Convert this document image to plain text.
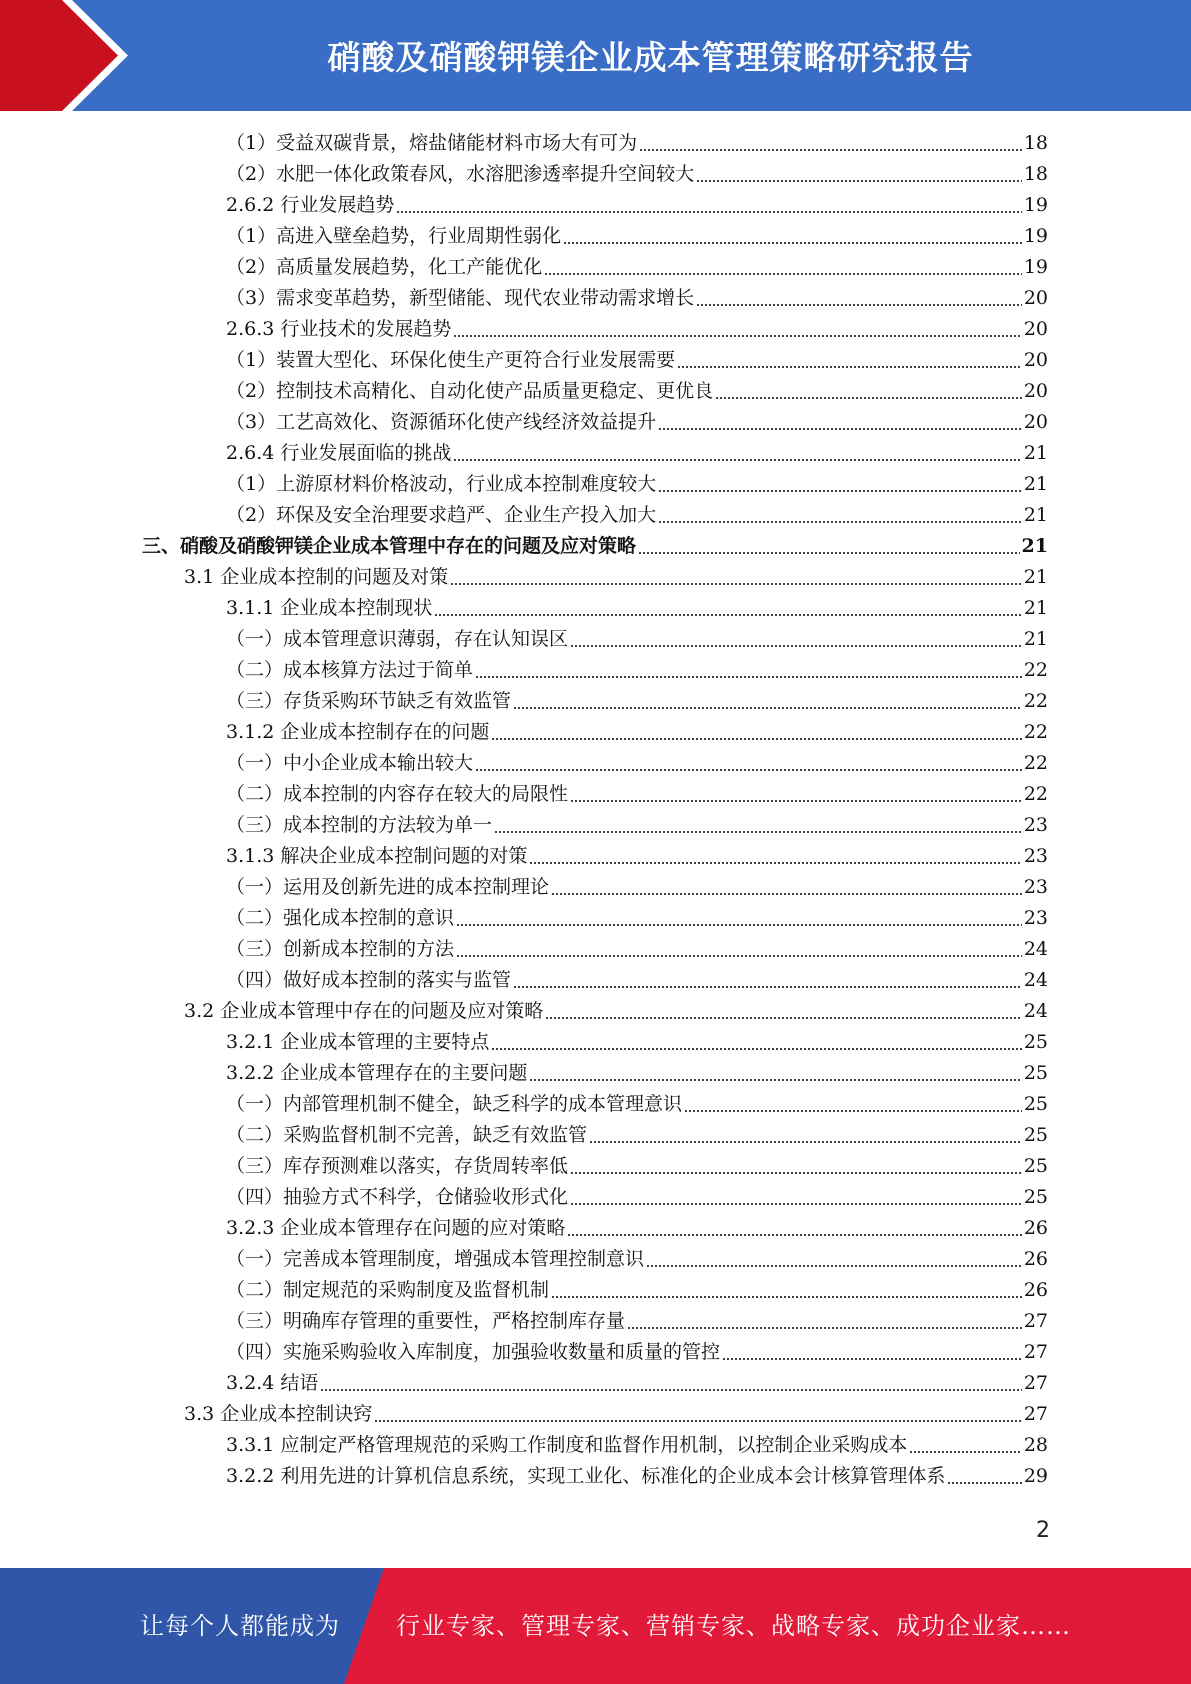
硝酸及硝酸钾镁企业成本管理策略研究报告
（1）受益双碳背景，熔盐储能材料市场大有可为	18
（2）水肥一体化政策春风，水溶肥渗透率提升空间较大	18
2.6.2 行业发展趋势	19
（1）高进入壁垒趋势，行业周期性弱化	19
（2）高质量发展趋势，化工产能优化	19
（3）需求变革趋势，新型储能、现代农业带动需求增长	20
2.6.3 行业技术的发展趋势	20
（1）装置大型化、环保化使生产更符合行业发展需要	20
（2）控制技术高精化、自动化使产品质量更稳定、更优良	20
（3）工艺高效化、资源循环化使产线经济效益提升	20
2.6.4 行业发展面临的挑战	21
（1）上游原材料价格波动，行业成本控制难度较大	21
（2）环保及安全治理要求趋严、企业生产投入加大	21
三、硝酸及硝酸钾镁企业成本管理中存在的问题及应对策略	21
3.1 企业成本控制的问题及对策	21
3.1.1 企业成本控制现状	21
（一）成本管理意识薄弱，存在认知误区	21
（二）成本核算方法过于简单	22
（三）存货采购环节缺乏有效监管	22
3.1.2 企业成本控制存在的问题	22
（一）中小企业成本输出较大	22
（二）成本控制的内容存在较大的局限性	22
（三）成本控制的方法较为单一	23
3.1.3 解决企业成本控制问题的对策	23
（一）运用及创新先进的成本控制理论	23
（二）强化成本控制的意识	23
（三）创新成本控制的方法	24
（四）做好成本控制的落实与监管	24
3.2 企业成本管理中存在的问题及应对策略	24
3.2.1 企业成本管理的主要特点	25
3.2.2 企业成本管理存在的主要问题	25
（一）内部管理机制不健全，缺乏科学的成本管理意识	25
（二）采购监督机制不完善，缺乏有效监管	25
（三）库存预测难以落实，存货周转率低	25
（四）抽验方式不科学，仓储验收形式化	25
3.2.3 企业成本管理存在问题的应对策略	26
（一）完善成本管理制度，增强成本管理控制意识	26
（二）制定规范的采购制度及监督机制	26
（三）明确库存管理的重要性，严格控制库存量	27
（四）实施采购验收入库制度，加强验收数量和质量的管控	27
3.2.4 结语	27
3.3 企业成本控制诀窍	27
3.3.1 应制定严格管理规范的采购工作制度和监督作用机制，以控制企业采购成本	28
3.2.2 利用先进的计算机信息系统，实现工业化、标准化的企业成本会计核算管理体系	29
2
让每个人都能成为 行业专家、管理专家、营销专家、战略专家、成功企业家……
